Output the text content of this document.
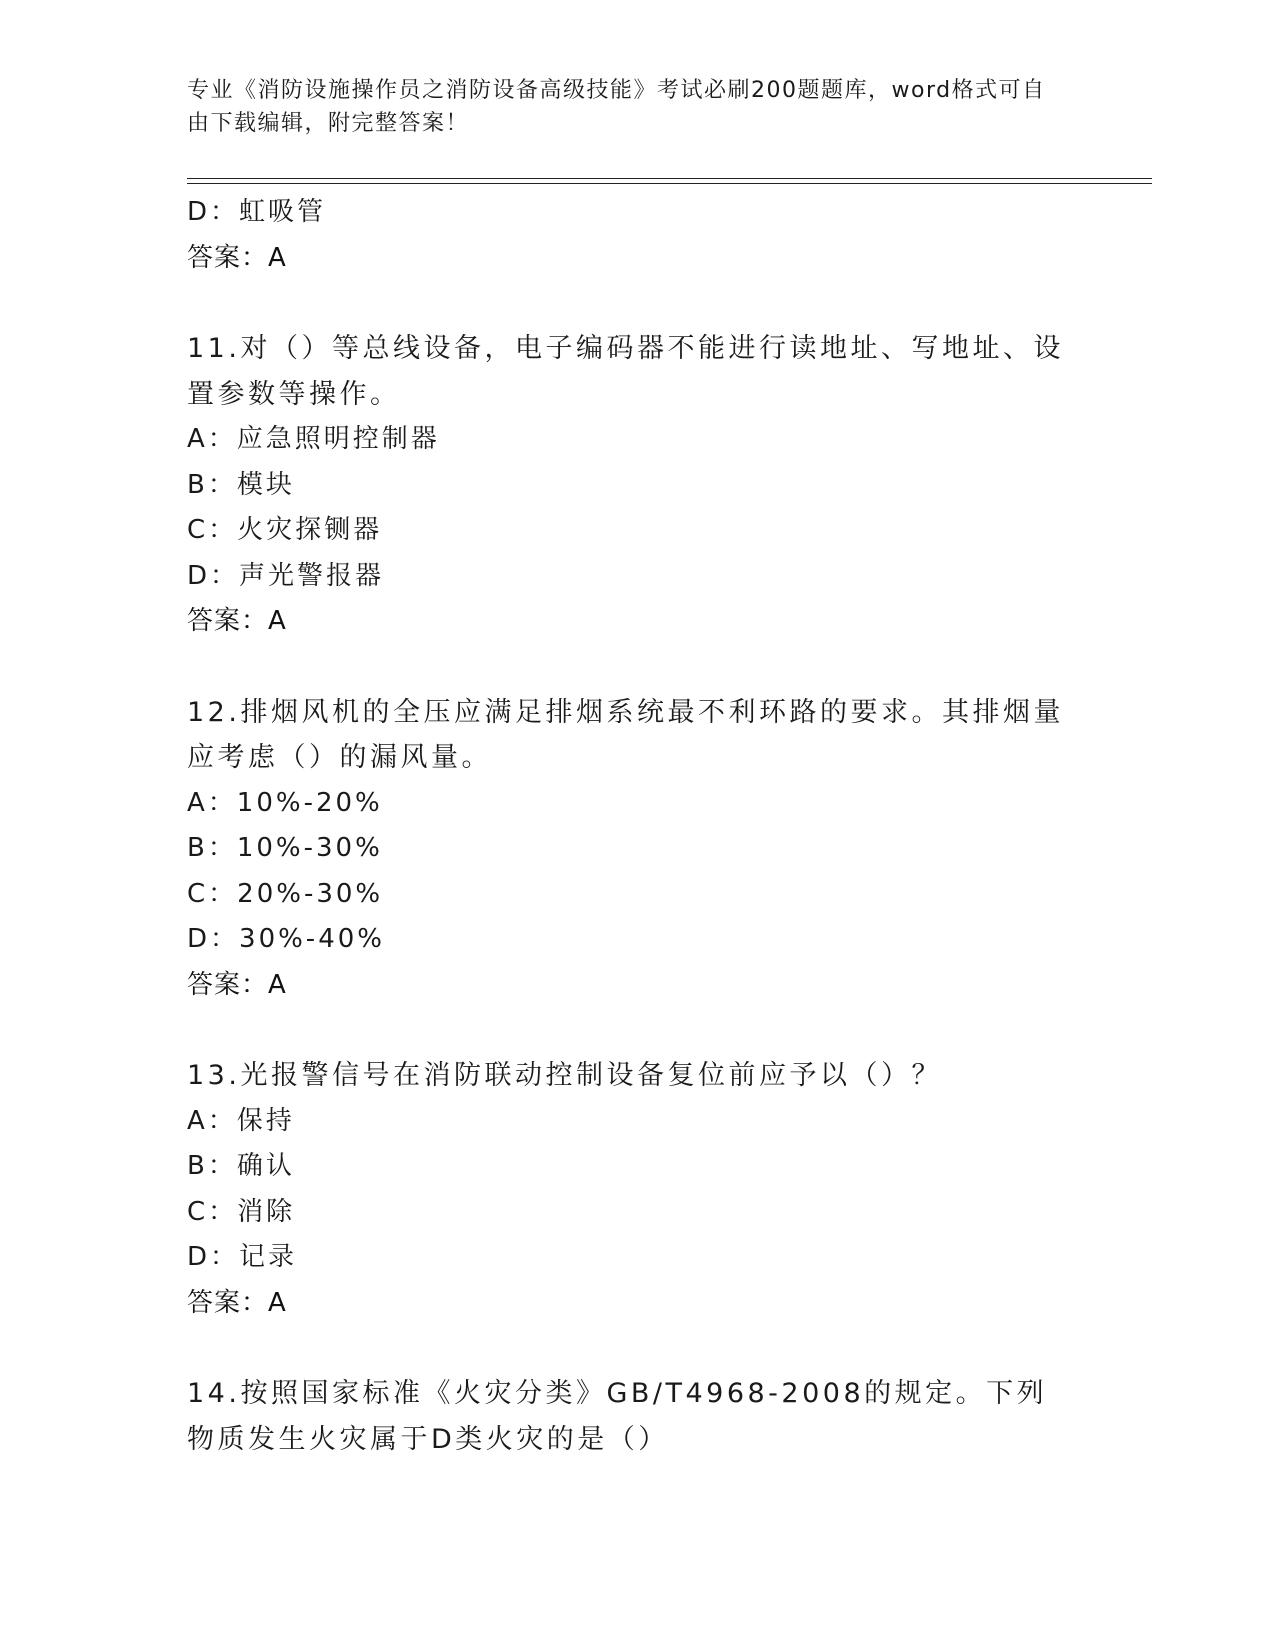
专业《消防设施操作员之消防设备高级技能》考试必刷200题题库，word格式可自由下载编辑，附完整答案！
D：虹吸管
答案：A
11.对（）等总线设备，电子编码器不能进行读地址、写地址、设置参数等操作。
A：应急照明控制器
B：模块
C：火灾探铡器
D：声光警报器
答案：A
12.排烟风机的全压应满足排烟系统最不利环路的要求。其排烟量应考虑（）的漏风量。
A：10%-20%
B：10%-30%
C：20%-30%
D：30%-40%
答案：A
13.光报警信号在消防联动控制设备复位前应予以（）？
A：保持
B：确认
C：消除
D：记录
答案：A
14.按照国家标准《火灾分类》GB/T4968-2008的规定。下列物质发生火灾属于D类火灾的是（）
